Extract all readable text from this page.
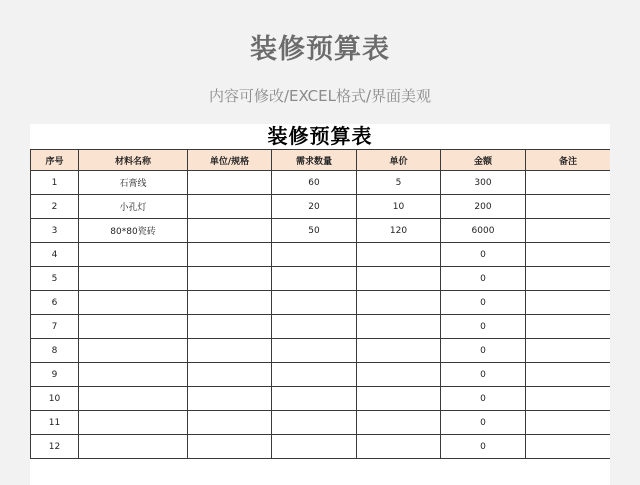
装修预算表
内容可修改/EXCEL格式/界面美观
装修预算表
序号	材料名称	单位/规格	需求数量	单价	金额	备注
1	石膏线		60	5	300	
2	小孔灯		20	10	200	
3	80*80瓷砖		50	120	6000	
4					0	
5					0	
6					0	
7					0	
8					0	
9					0	
10					0	
11					0	
12					0	
